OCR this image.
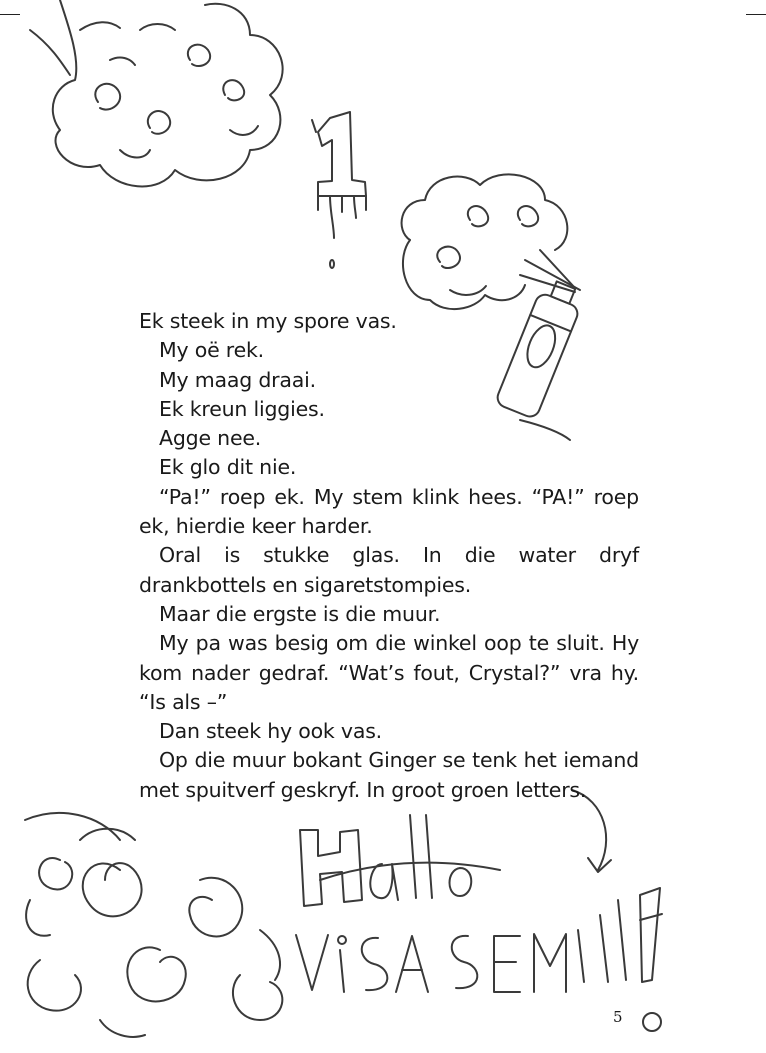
Ek steek in my spore vas.

My oë rek.

My maag draai.

Ek kreun liggies.

Agge nee.

Ek glo dit nie.

“Pa!” roep ek. My stem klink hees. “PA!” roep ek, hierdie keer harder.

Oral is stukke glas. In die water dryf drankbottels en sigaretstompies.

Maar die ergste is die muur.

My pa was besig om die winkel oop te sluit. Hy kom nader gedraf. “Wat’s fout, Crystal?” vra hy. “Is als –”

Dan steek hy ook vas.

Op die muur bokant Ginger se tenk het iemand met spuitverf geskryf. In groot groen letters.

5
